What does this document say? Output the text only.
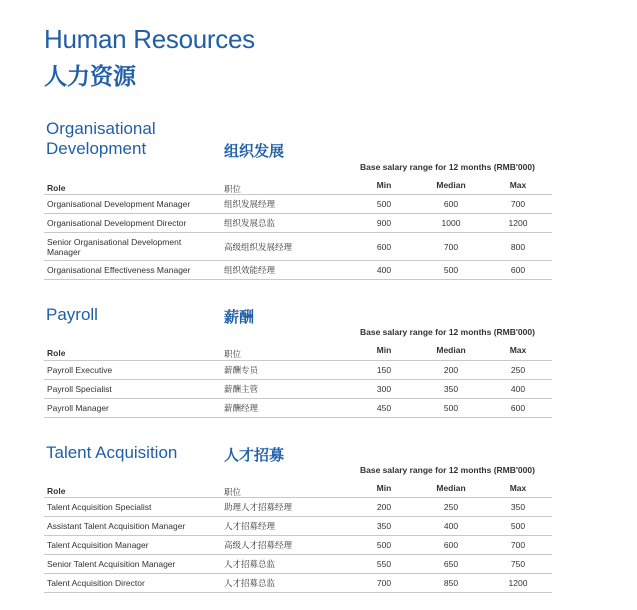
Human Resources
人力资源
Organisational
Development	组织发展
Base salary range for 12 months (RMB'000)
Role	职位	Min	Median	Max
Organisational Development Manager	组织发展经理	500	600	700
Organisational Development Director	组织发展总监	900	1000	1200
Senior Organisational Development Manager	高级组织发展经理	600	700	800
Organisational Effectiveness Manager	组织效能经理	400	500	600
Payroll	薪酬
Base salary range for 12 months (RMB'000)
Role	职位	Min	Median	Max
Payroll Executive	薪酬专员	150	200	250
Payroll Specialist	薪酬主管	300	350	400
Payroll Manager	薪酬经理	450	500	600
Talent Acquisition	人才招募
Base salary range for 12 months (RMB'000)
Role	职位	Min	Median	Max
Talent Acquisition Specialist	助理人才招募经理	200	250	350
Assistant Talent Acquisition Manager	人才招募经理	350	400	500
Talent Acquisition Manager	高级人才招募经理	500	600	700
Senior Talent Acquisition Manager	人才招募总监	550	650	750
Talent Acquisition Director	人才招募总监	700	850	1200
